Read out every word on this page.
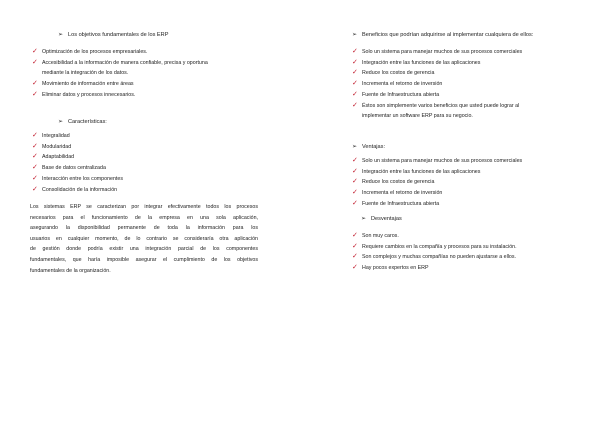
➢ Los objetivos fundamentales de los ERP
✓ Optimización de los procesos empresariales.
✓ Accesibilidad a la información de manera confiable, precisa y oportuna
mediante la integración de los datos.
✓ Movimiento de información entre áreas
✓ Eliminar datos y procesos innecesarios.
➢ Características:
✓ Integralidad
✓ Modularidad
✓ Adaptabilidad
✓ Base de datos centralizada
✓ Interacción entre los componentes
✓ Consolidación de la información
Los sistemas ERP se caracterizan por integrar efectivamente todos los procesos
necesarios para el funcionamiento de la empresa en una sola aplicación,
asegurando la disponibilidad permanente de toda la información para los
usuarios en cualquier momento, de lo contrario se consideraría otra aplicación
de gestión donde podría existir una integración parcial de los componentes
fundamentales, que haría imposible asegurar el cumplimiento de los objetivos
fundamentales de la organización.
➢ Beneficios que podrían adquirirse al implementar cualquiera de ellos:
✓ Solo un sistema para manejar muchos de sus procesos comerciales
✓ Integración entre las funciones de las aplicaciones
✓ Reduce los costos de gerencia
✓ Incrementa el retorno de inversión
✓ Fuente de Infraestructura abierta
✓ Éstos son simplemente varios beneficios que usted puede lograr al
implementar un software ERP para su negocio.
➢ Ventajas:
✓ Solo un sistema para manejar muchos de sus procesos comerciales
✓ Integración entre las funciones de las aplicaciones
✓ Reduce los costos de gerencia
✓ Incrementa el retorno de inversión
✓ Fuente de Infraestructura abierta
➢ Desventajas
✓ Son muy caros.
✓ Requiere cambios en la compañía y procesos para su instalación.
✓ Son complejos y muchas compañías no pueden ajustarse a ellos.
✓ Hay pocos expertos en ERP
